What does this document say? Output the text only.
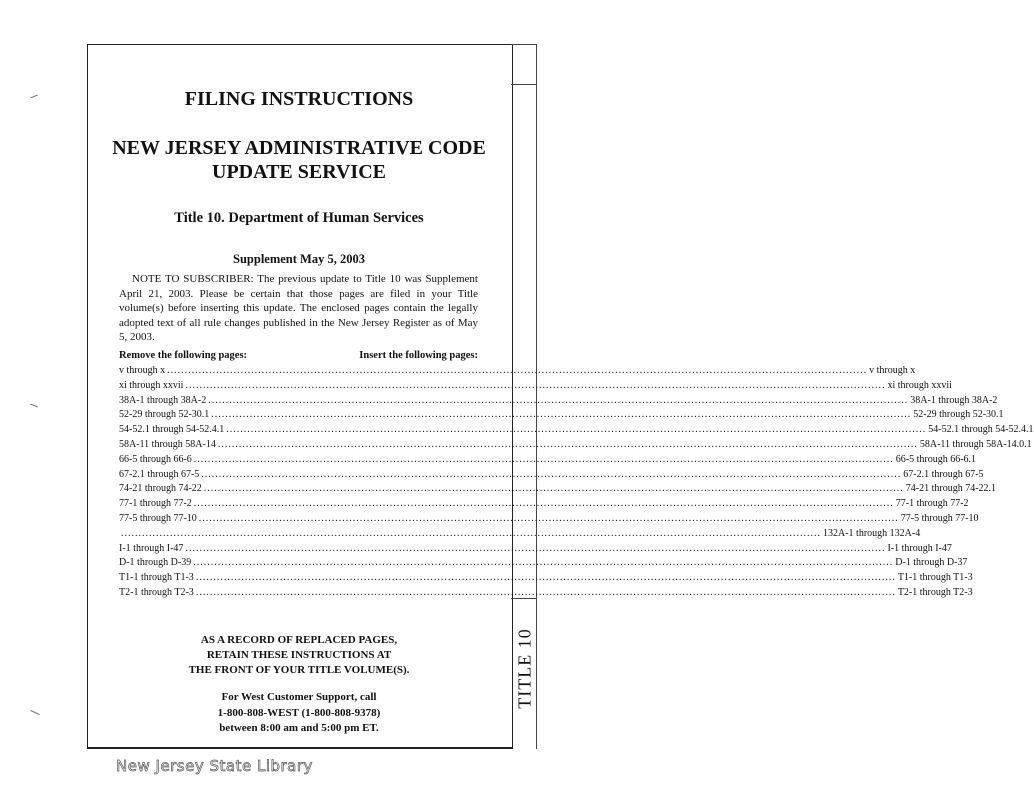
TITLE 10
FILING INSTRUCTIONS
NEW JERSEY ADMINISTRATIVE CODE
UPDATE SERVICE
Title 10. Department of Human Services
Supplement May 5, 2003
NOTE TO SUBSCRIBER: The previous update to Title 10 was Supplement April 21, 2003. Please be certain that those pages are filed in your Title volume(s) before inserting this update. The enclosed pages contain the legally adopted text of all rule changes published in the New Jersey Register as of May 5, 2003.
Remove the following pages:	Insert the following pages:
v through x ........................................................................................................................................................................................................ v through x
xi through xxvii ........................................................................................................................................................................................................ xi through xxvii
38A-1 through 38A-2 ........................................................................................................................................................................................................ 38A-1 through 38A-2
52-29 through 52-30.1 ........................................................................................................................................................................................................ 52-29 through 52-30.1
54-52.1 through 54-52.4.1 ........................................................................................................................................................................................................ 54-52.1 through 54-52.4.1
58A-11 through 58A-14 ........................................................................................................................................................................................................ 58A-11 through 58A-14.0.1
66-5 through 66-6 ........................................................................................................................................................................................................ 66-5 through 66-6.1
67-2.1 through 67-5 ........................................................................................................................................................................................................ 67-2.1 through 67-5
74-21 through 74-22 ........................................................................................................................................................................................................ 74-21 through 74-22.1
77-1 through 77-2 ........................................................................................................................................................................................................ 77-1 through 77-2
77-5 through 77-10 ........................................................................................................................................................................................................ 77-5 through 77-10
........................................................................................................................................................................................................ 132A-1 through 132A-4
I-1 through I-47 ........................................................................................................................................................................................................ I-1 through I-47
D-1 through D-39 ........................................................................................................................................................................................................ D-1 through D-37
T1-1 through T1-3 ........................................................................................................................................................................................................ T1-1 through T1-3
T2-1 through T2-3 ........................................................................................................................................................................................................ T2-1 through T2-3
AS A RECORD OF REPLACED PAGES,
RETAIN THESE INSTRUCTIONS AT
THE FRONT OF YOUR TITLE VOLUME(S).
For West Customer Support, call
1-800-808-WEST (1-800-808-9378)
between 8:00 am and 5:00 pm ET.
New Jersey State Library
